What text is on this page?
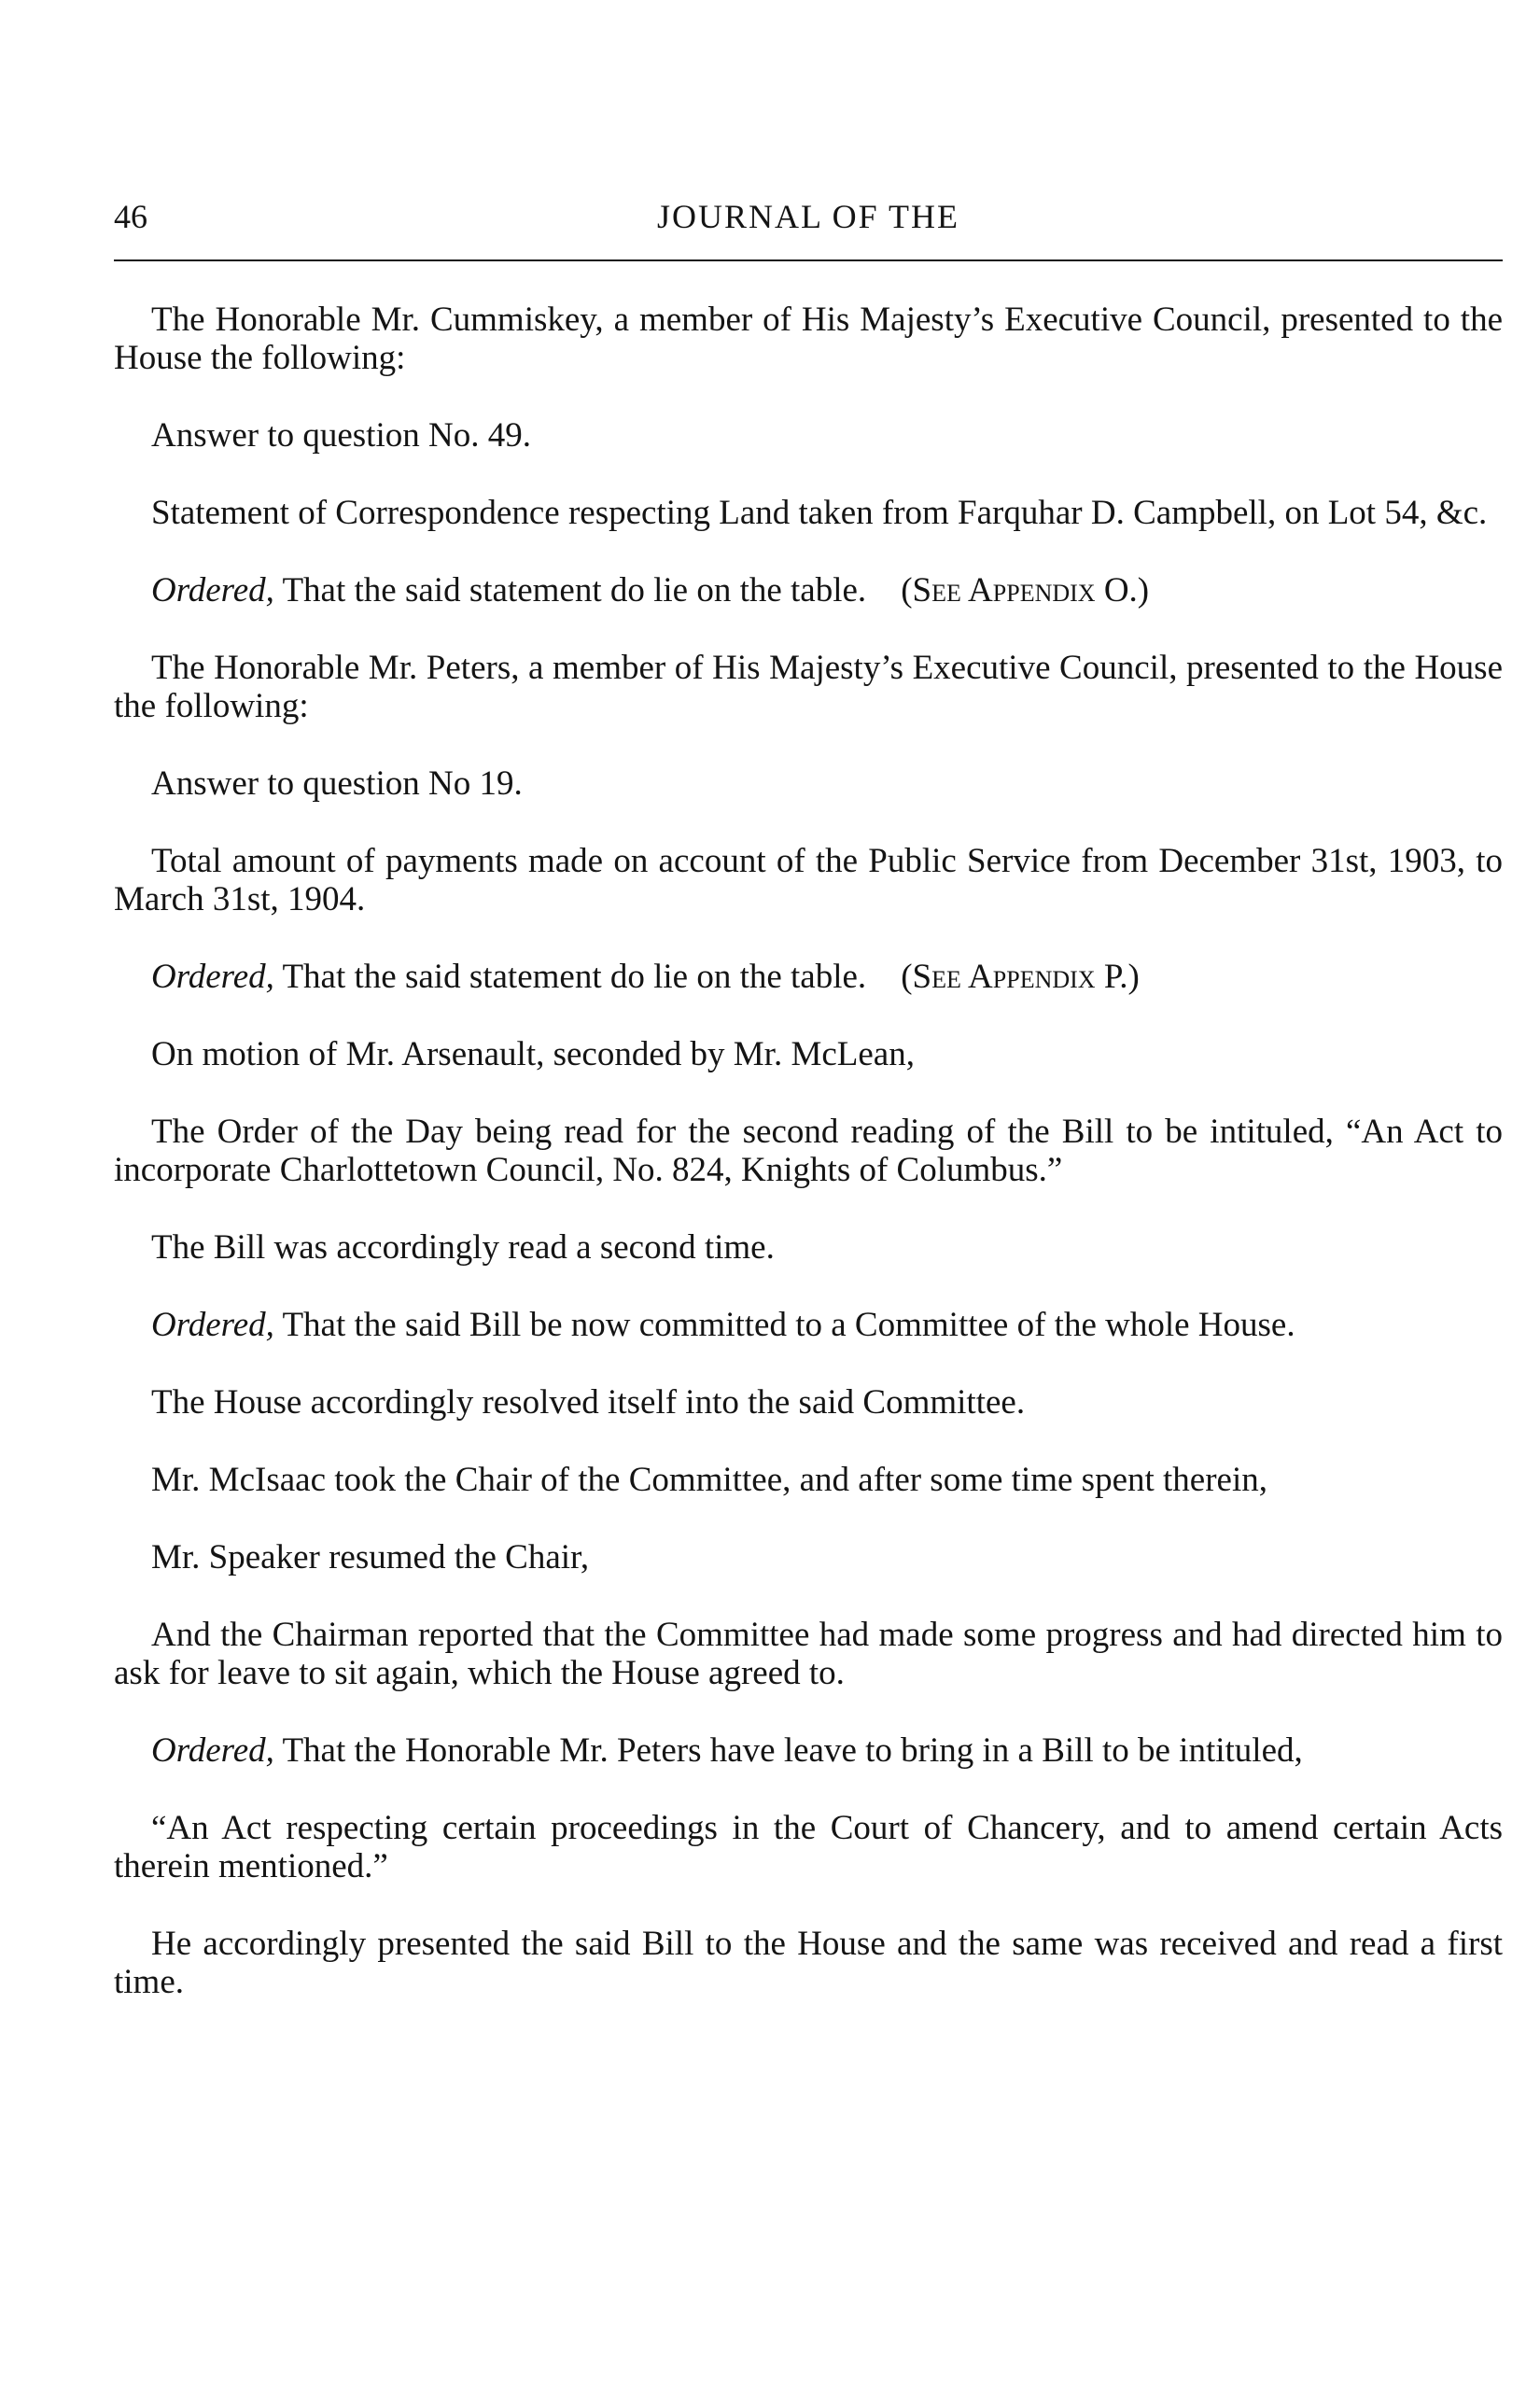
46	JOURNAL OF THE

The Honorable Mr. Cummiskey, a member of His Majesty’s Executive Council, presented to the House the following:

Answer to question No. 49.

Statement of Correspondence respecting Land taken from Farquhar D. Campbell, on Lot 54, &c.

Ordered, That the said statement do lie on the table. (See Appendix O.)

The Honorable Mr. Peters, a member of His Majesty’s Executive Council, presented to the House the following:

Answer to question No 19.

Total amount of payments made on account of the Public Service from December 31st, 1903, to March 31st, 1904.

Ordered, That the said statement do lie on the table. (See Appendix P.)

On motion of Mr. Arsenault, seconded by Mr. McLean,

The Order of the Day being read for the second reading of the Bill to be intituled, “An Act to incorporate Charlottetown Council, No. 824, Knights of Columbus.”

The Bill was accordingly read a second time.

Ordered, That the said Bill be now committed to a Committee of the whole House.

The House accordingly resolved itself into the said Committee.

Mr. McIsaac took the Chair of the Committee, and after some time spent therein,

Mr. Speaker resumed the Chair,

And the Chairman reported that the Committee had made some progress and had directed him to ask for leave to sit again, which the House agreed to.

Ordered, That the Honorable Mr. Peters have leave to bring in a Bill to be intituled,

“An Act respecting certain proceedings in the Court of Chancery, and to amend certain Acts therein mentioned.”

He accordingly presented the said Bill to the House and the same was received and read a first time.
